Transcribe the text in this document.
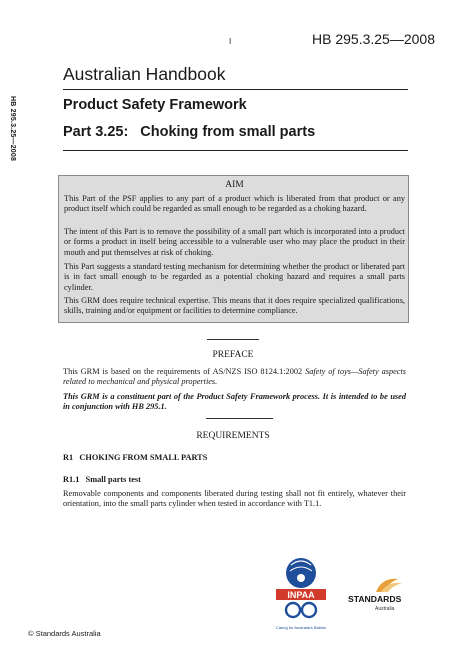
I	HB 295.3.25—2008
HB 295.3.25—2008
Australian Handbook
Product Safety Framework
Part 3.25: Choking from small parts
AIM

This Part of the PSF applies to any part of a product which is liberated from that product or any product itself which could be regarded as small enough to be regarded as a choking hazard.

The intent of this Part is to remove the possibility of a small part which is incorporated into a product or forms a product in itself being accessible to a vulnerable user who may place the product in their mouth and put themselves at risk of choking.

This Part suggests a standard testing mechanism for determining whether the product or liberated part is in fact small enough to be regarded as a potential choking hazard and requires a small parts cylinder.

This GRM does require technical expertise. This means that it does require specialized qualifications, skills, training and/or equipment or facilities to determine compliance.

PREFACE

This GRM is based on the requirements of AS/NZS ISO 8124.1:2002 Safety of toys—Safety aspects related to mechanical and physical properties.

This GRM is a constituent part of the Product Safety Framework process. It is intended to be used in conjunction with HB 295.1.

REQUIREMENTS
R1 CHOKING FROM SMALL PARTS
R1.1 Small parts test

Removable components and components liberated during testing shall not fit entirely, whatever their orientation, into the small parts cylinder when tested in accordance with T1.1.

INPAA
Caring for Australia's Babies
STANDARDS
Australia
© Standards Australia
